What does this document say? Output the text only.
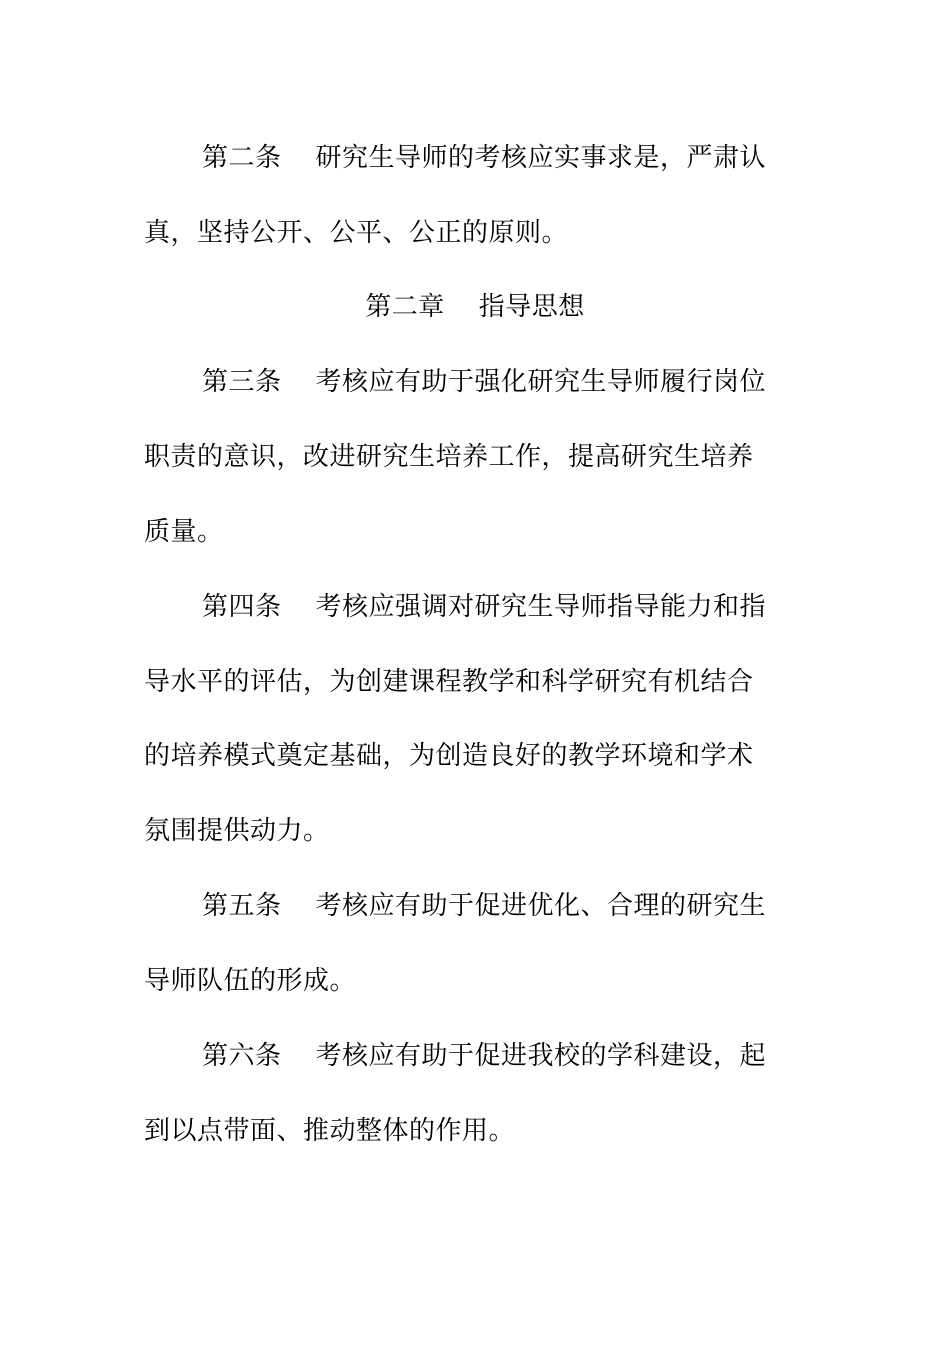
第二条 研究生导师的考核应实事求是，严肃认
真，坚持公开、公平、公正的原则。
第二章 指导思想
第三条 考核应有助于强化研究生导师履行岗位
职责的意识，改进研究生培养工作，提高研究生培养
质量。
第四条 考核应强调对研究生导师指导能力和指
导水平的评估，为创建课程教学和科学研究有机结合
的培养模式奠定基础，为创造良好的教学环境和学术
氛围提供动力。
第五条 考核应有助于促进优化、合理的研究生
导师队伍的形成。
第六条 考核应有助于促进我校的学科建设，起
到以点带面、推动整体的作用。
